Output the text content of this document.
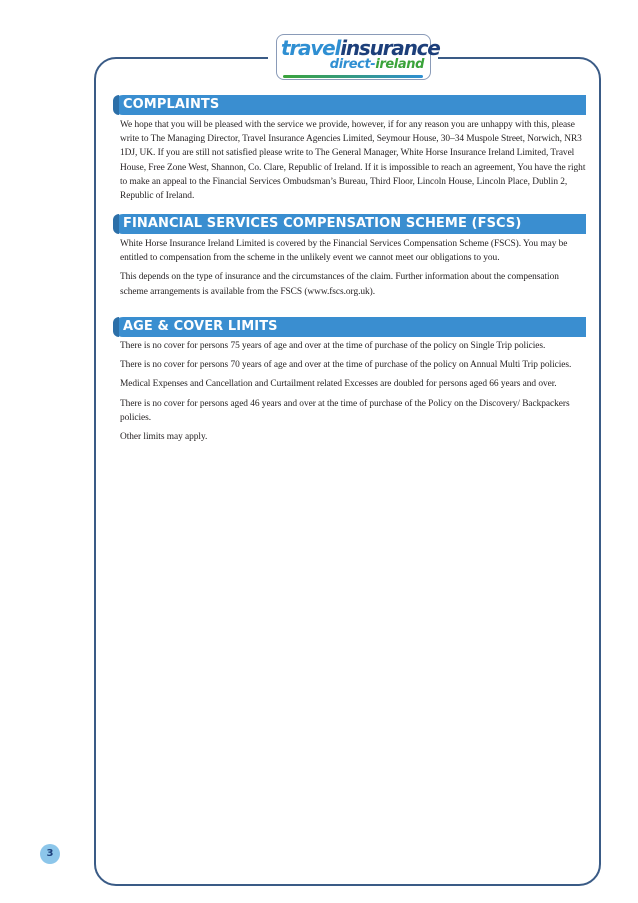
travelinsurance
direct-ireland
COMPLAINTS

We hope that you will be pleased with the service we provide, however, if for any reason you are unhappy with this, please write to The Managing Director, Travel Insurance Agencies Limited, Seymour House, 30–34 Muspole Street, Norwich, NR3 1DJ, UK. If you are still not satisfied please write to The General Manager, White Horse Insurance Ireland Limited, Travel House, Free Zone West, Shannon, Co. Clare, Republic of Ireland. If it is impossible to reach an agreement, You have the right to make an appeal to the Financial Services Ombudsman’s Bureau, Third Floor, Lincoln House, Lincoln Place, Dublin 2, Republic of Ireland.

FINANCIAL SERVICES COMPENSATION SCHEME (FSCS)

White Horse Insurance Ireland Limited is covered by the Financial Services Compensation Scheme (FSCS). You may be entitled to compensation from the scheme in the unlikely event we cannot meet our obligations to you.

This depends on the type of insurance and the circumstances of the claim. Further information about the compensation scheme arrangements is available from the FSCS (www.fscs.org.uk).

AGE & COVER LIMITS

There is no cover for persons 75 years of age and over at the time of purchase of the policy on Single Trip policies.

There is no cover for persons 70 years of age and over at the time of purchase of the policy on Annual Multi Trip policies.

Medical Expenses and Cancellation and Curtailment related Excesses are doubled for persons aged 66 years and over.

There is no cover for persons aged 46 years and over at the time of purchase of the Policy on the Discovery/ Backpackers policies.

Other limits may apply.

3
